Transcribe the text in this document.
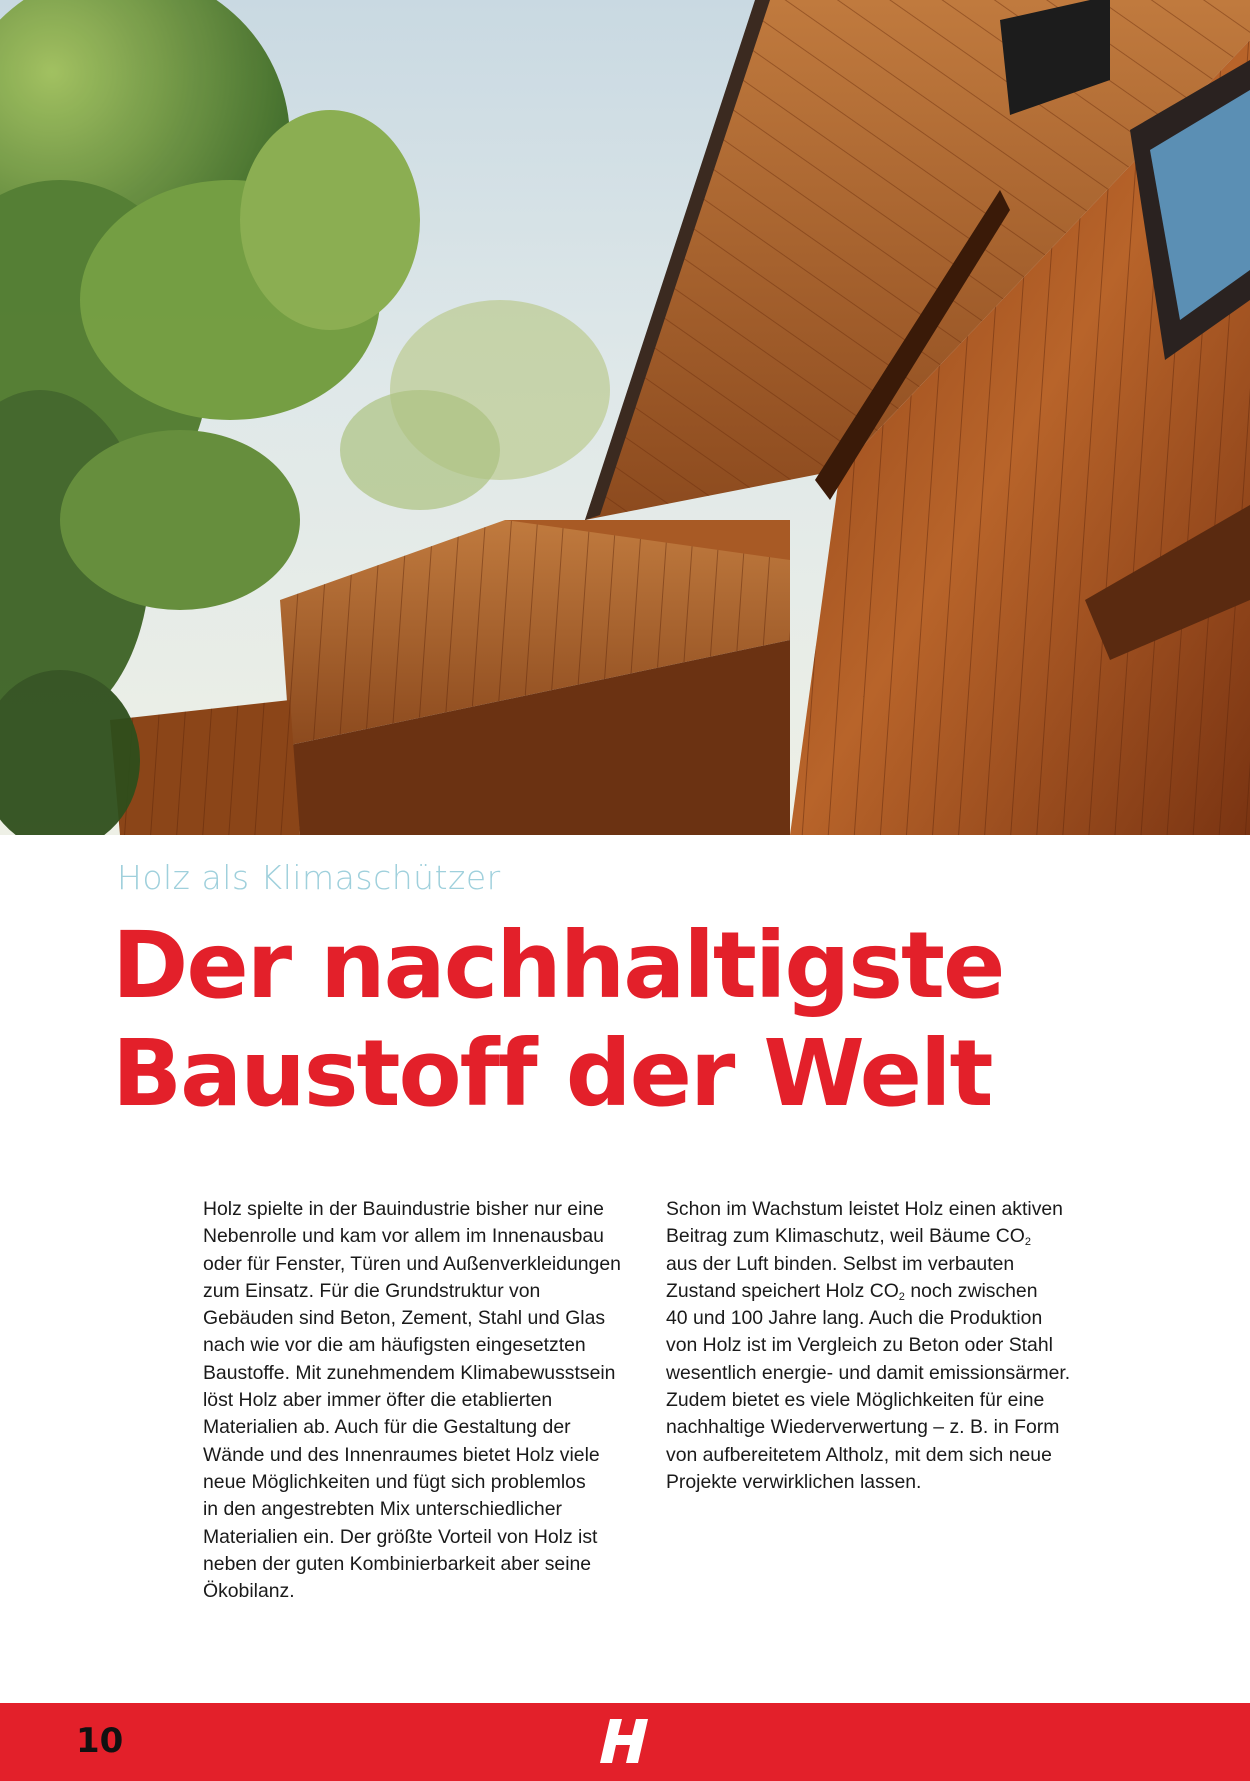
Holz als Klimaschützer

Der nachhaltigste
Baustoff der Welt
Holz spielte in der Bauindustrie bisher nur eine
Nebenrolle und kam vor allem im Innenausbau
oder für Fenster, Türen und Außenverkleidungen
zum Einsatz. Für die Grundstruktur von
Gebäuden sind Beton, Zement, Stahl und Glas
nach wie vor die am häufigsten eingesetzten
Baustoffe. Mit zunehmendem Klimabewusstsein
löst Holz aber immer öfter die etablierten
Materialien ab. Auch für die Gestaltung der
Wände und des Innenraumes bietet Holz viele
neue Möglichkeiten und fügt sich problemlos
in den angestrebten Mix unterschiedlicher
Materialien ein. Der größte Vorteil von Holz ist
neben der guten Kombinierbarkeit aber seine
Ökobilanz.
Schon im Wachstum leistet Holz einen aktiven
Beitrag zum Klimaschutz, weil Bäume $CO_2$
aus der Luft binden. Selbst im verbauten
Zustand speichert Holz $CO_2$ noch zwischen
40 und 100 Jahre lang. Auch die Produktion
von Holz ist im Vergleich zu Beton oder Stahl
wesentlich energie- und damit emissionsärmer.
Zudem bietet es viele Möglichkeiten für eine
nachhaltige Wiederverwertung – z. B. in Form
von aufbereitetem Altholz, mit dem sich neue
Projekte verwirklichen lassen.
10
